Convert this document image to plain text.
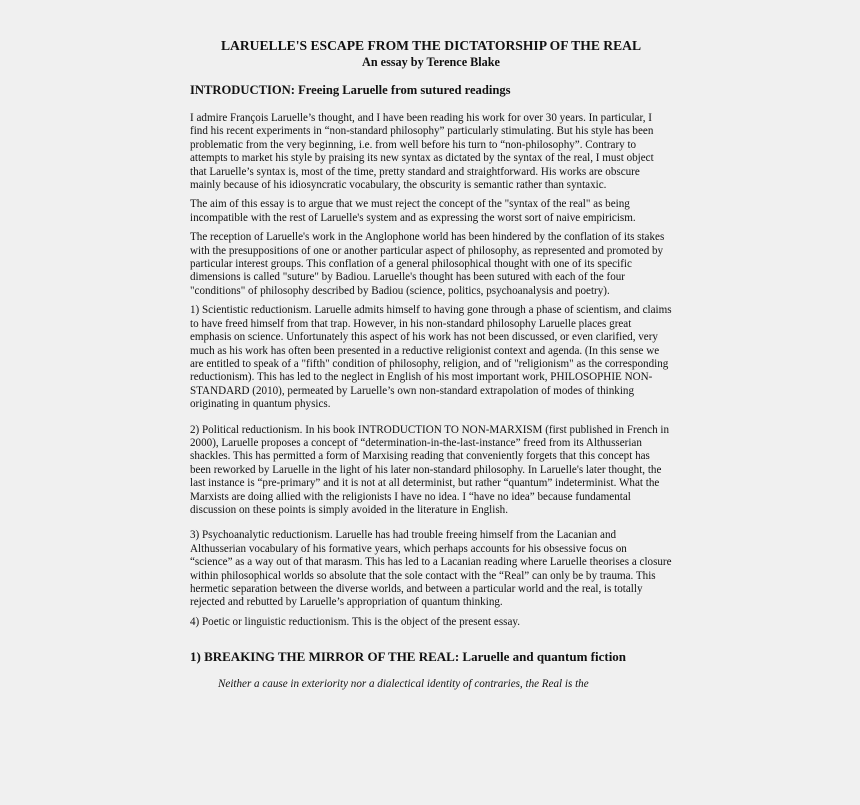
LARUELLE'S ESCAPE FROM THE DICTATORSHIP OF THE REAL
An essay by Terence Blake
INTRODUCTION: Freeing Laruelle from sutured readings

I admire François Laruelle’s thought, and I have been reading his work for over 30 years. In particular, I find his recent experiments in “non-standard philosophy” particularly stimulating. But his style has been problematic from the very beginning, i.e. from well before his turn to “non-philosophy”. Contrary to attempts to market his style by praising its new syntax as dictated by the syntax of the real, I must object that Laruelle’s syntax is, most of the time, pretty standard and straightforward. His works are obscure mainly because of his idiosyncratic vocabulary, the obscurity is semantic rather than syntaxic.

The aim of this essay is to argue that we must reject the concept of the "syntax of the real" as being incompatible with the rest of Laruelle's system and as expressing the worst sort of naive empiricism.

The reception of Laruelle's work in the Anglophone world has been hindered by the conflation of its stakes with the presuppositions of one or another particular aspect of philosophy, as represented and promoted by particular interest groups. This conflation of a general philosophical thought with one of its specific dimensions is called "suture" by Badiou. Laruelle's thought has been sutured with each of the four "conditions" of philosophy described by Badiou (science, politics, psychoanalysis and poetry).

1) Scientistic reductionism. Laruelle admits himself to having gone through a phase of scientism, and claims to have freed himself from that trap. However, in his non-standard philosophy Laruelle places great emphasis on science. Unfortunately this aspect of his work has not been discussed, or even clarified, very much as his work has often been presented in a reductive religionist context and agenda. (In this sense we are entitled to speak of a "fifth" condition of philosophy, religion, and of "religionism" as the corresponding reductionism). This has led to the neglect in English of his most important work, PHILOSOPHIE NON-STANDARD (2010), permeated by Laruelle’s own non-standard extrapolation of modes of thinking originating in quantum physics.

2) Political reductionism. In his book INTRODUCTION TO NON-MARXISM (first published in French in 2000), Laruelle proposes a concept of “determination-in-the-last-instance” freed from its Althusserian shackles. This has permitted a form of Marxising reading that conveniently forgets that this concept has been reworked by Laruelle in the light of his later non-standard philosophy. In Laruelle's later thought, the last instance is “pre-primary” and it is not at all determinist, but rather “quantum” indeterminist. What the Marxists are doing allied with the religionists I have no idea. I “have no idea” because fundamental discussion on these points is simply avoided in the literature in English.

3) Psychoanalytic reductionism. Laruelle has had trouble freeing himself from the Lacanian and Althusserian vocabulary of his formative years, which perhaps accounts for his obsessive focus on “science” as a way out of that marasm. This has led to a Lacanian reading where Laruelle theorises a closure within philosophical worlds so absolute that the sole contact with the “Real” can only be by trauma. This hermetic separation between the diverse worlds, and between a particular world and the real, is totally rejected and rebutted by Laruelle’s appropriation of quantum thinking.

4) Poetic or linguistic reductionism. This is the object of the present essay.

1) BREAKING THE MIRROR OF THE REAL: Laruelle and quantum fiction

Neither a cause in exteriority nor a dialectical identity of contraries, the Real is the
